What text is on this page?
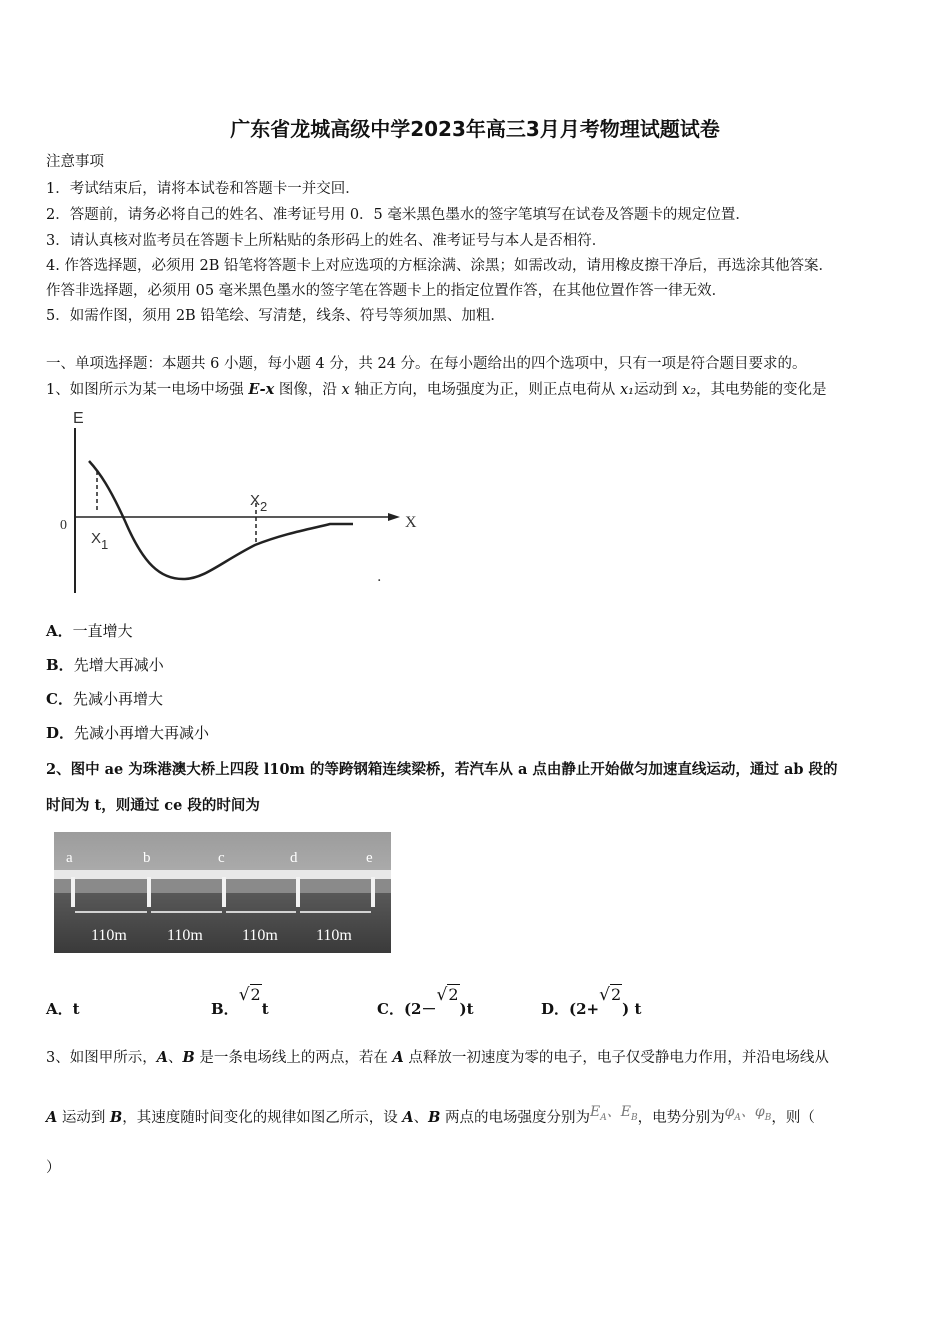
广东省龙城高级中学2023年高三3月月考物理试题试卷
注意事项
1．考试结束后，请将本试卷和答题卡一并交回．
2．答题前，请务必将自己的姓名、准考证号用 0．5 毫米黑色墨水的签字笔填写在试卷及答题卡的规定位置．
3．请认真核对监考员在答题卡上所粘贴的条形码上的姓名、准考证号与本人是否相符．
4. 作答选择题，必须用 2B 铅笔将答题卡上对应选项的方框涂满、涂黑；如需改动，请用橡皮擦干净后，再选涂其他答案．
作答非选择题，必须用 05 毫米黑色墨水的签字笔在答题卡上的指定位置作答，在其他位置作答一律无效．
5．如需作图，须用 2B 铅笔绘、写清楚，线条、符号等须加黑、加粗．
一、单项选择题：本题共 6 小题，每小题 4 分，共 24 分。在每小题给出的四个选项中，只有一项是符合题目要求的。
1、如图所示为某一电场中场强 E-x 图像，沿 x 轴正方向，电场强度为正，则正点电荷从 x₁运动到 x₂，其电势能的变化是
E
0	X
X1
X2
.
A．一直增大
B．先增大再减小
C．先减小再增大
D．先减小再增大再减小
2、图中 ae 为珠港澳大桥上四段 l10m 的等跨钢箱连续梁桥，若汽车从 a 点由静止开始做匀加速直线运动，通过 ab 段的
时间为 t，则通过 ce 段的时间为
a	b	c	d	e
110m	110m 110m 110m
A．t	B．√2t	C．(2－√2)t	D．(2+√2) t
3、如图甲所示，A、B 是一条电场线上的两点，若在 A 点释放一初速度为零的电子，电子仅受静电力作用，并沿电场线从
A 运动到 B，其速度随时间变化的规律如图乙所示，设 A、B 两点的电场强度分别为$E_A$、$E_B$，电势分别为$\varphi_A$、$\varphi_B$，则（
）
